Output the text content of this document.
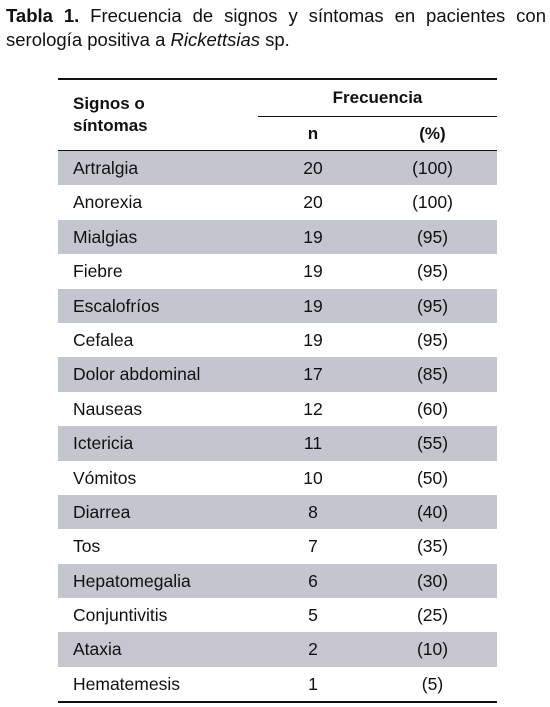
Tabla 1. Frecuencia de signos y síntomas en pacientes con serología positiva a Rickettsias sp.
Signos o
síntomas
Frecuencia
n	(%)
Artralgia	20	(100)
Anorexia	20	(100)
Mialgias	19	(95)
Fiebre	19	(95)
Escalofríos	19	(95)
Cefalea	19	(95)
Dolor abdominal	17	(85)
Nauseas	12	(60)
Ictericia	11	(55)
Vómitos	10	(50)
Diarrea	8	(40)
Tos	7	(35)
Hepatomegalia	6	(30)
Conjuntivitis	5	(25)
Ataxia	2	(10)
Hematemesis	1	(5)
